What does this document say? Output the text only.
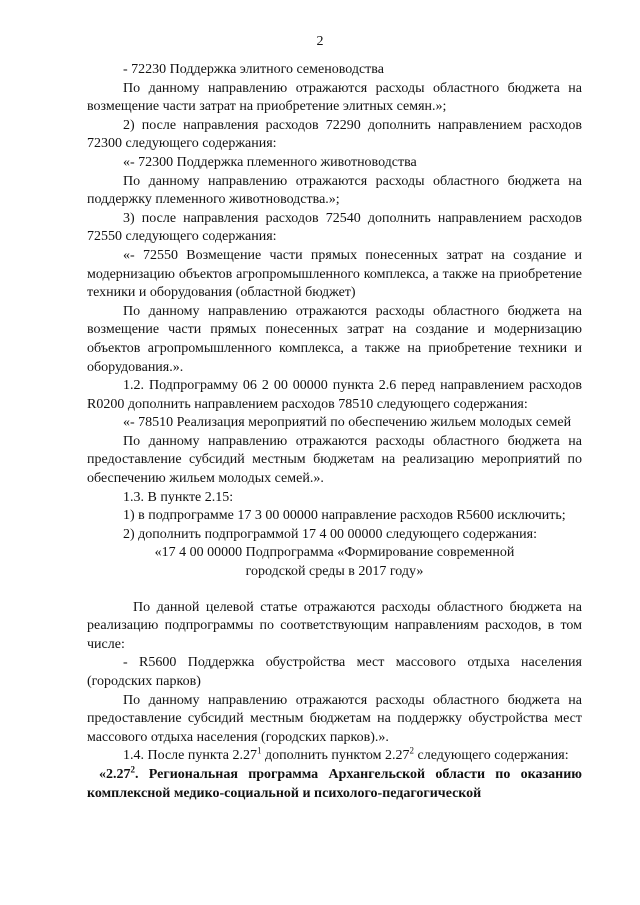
2

- 72230 Поддержка элитного семеноводства

По данному направлению отражаются расходы областного бюджета на возмещение части затрат на приобретение элитных семян.»;

2) после направления расходов 72290 дополнить направлением расходов 72300 следующего содержания:

«- 72300 Поддержка племенного животноводства

По данному направлению отражаются расходы областного бюджета на поддержку племенного животноводства.»;

3) после направления расходов 72540 дополнить направлением расходов 72550 следующего содержания:

«- 72550 Возмещение части прямых понесенных затрат на создание и модернизацию объектов агропромышленного комплекса, а также на приобретение техники и оборудования (областной бюджет)

По данному направлению отражаются расходы областного бюджета на возмещение части прямых понесенных затрат на создание и модернизацию объектов агропромышленного комплекса, а также на приобретение техники и оборудования.».

1.2. Подпрограмму 06 2 00 00000 пункта 2.6 перед направлением расходов R0200 дополнить направлением расходов 78510 следующего содержания:

«- 78510 Реализация мероприятий по обеспечению жильем молодых семей

По данному направлению отражаются расходы областного бюджета на предоставление субсидий местным бюджетам на реализацию мероприятий по обеспечению жильем молодых семей.».

1.3. В пункте 2.15:

1) в подпрограмме 17 3 00 00000 направление расходов R5600 исключить;

2) дополнить подпрограммой 17 4 00 00000 следующего содержания:

«17 4 00 00000 Подпрограмма «Формирование современной

городской среды в 2017 году»

По данной целевой статье отражаются расходы областного бюджета на реализацию подпрограммы по соответствующим направлениям расходов, в том числе:

- R5600 Поддержка обустройства мест массового отдыха населения (городских парков)

По данному направлению отражаются расходы областного бюджета на предоставление субсидий местным бюджетам на поддержку обустройства мест массового отдыха населения (городских парков).».

1.4. После пункта 2.27$^1$ дополнить пунктом 2.27$^2$ следующего содержания:

«2.27$^2$. Региональная программа Архангельской области по оказанию комплексной медико-социальной и психолого-педагогической
